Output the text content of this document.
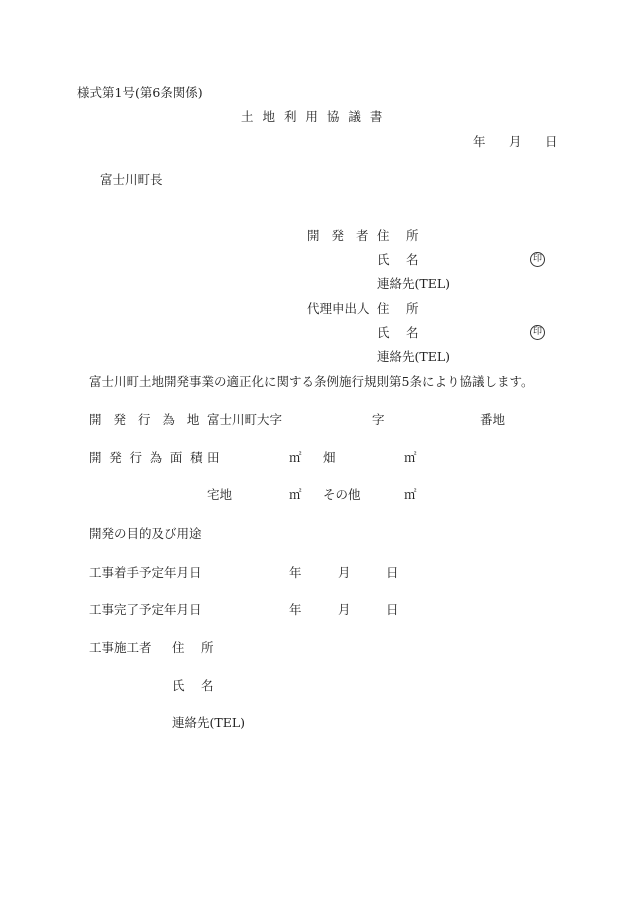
様式第1号(第6条関係)
土 地 利 用 協 議 書
年 月 日
富士川町長
開 発 者 住 所
氏 名	印
連絡先(TEL)
代理申出人 住 所
氏 名	印
連絡先(TEL)
富士川町土地開発事業の適正化に関する条例施行規則第5条により協議します。
開 発 行 為 地 富士川町大字	字	番地
開 発 行 為 面 積 田	㎡ 畑	㎡
宅地	㎡ その他	㎡
開発の目的及び用途
工事着手予定年月日	年	月	日
工事完了予定年月日	年	月	日
工事施工者 住 所
氏 名
連絡先(TEL)
